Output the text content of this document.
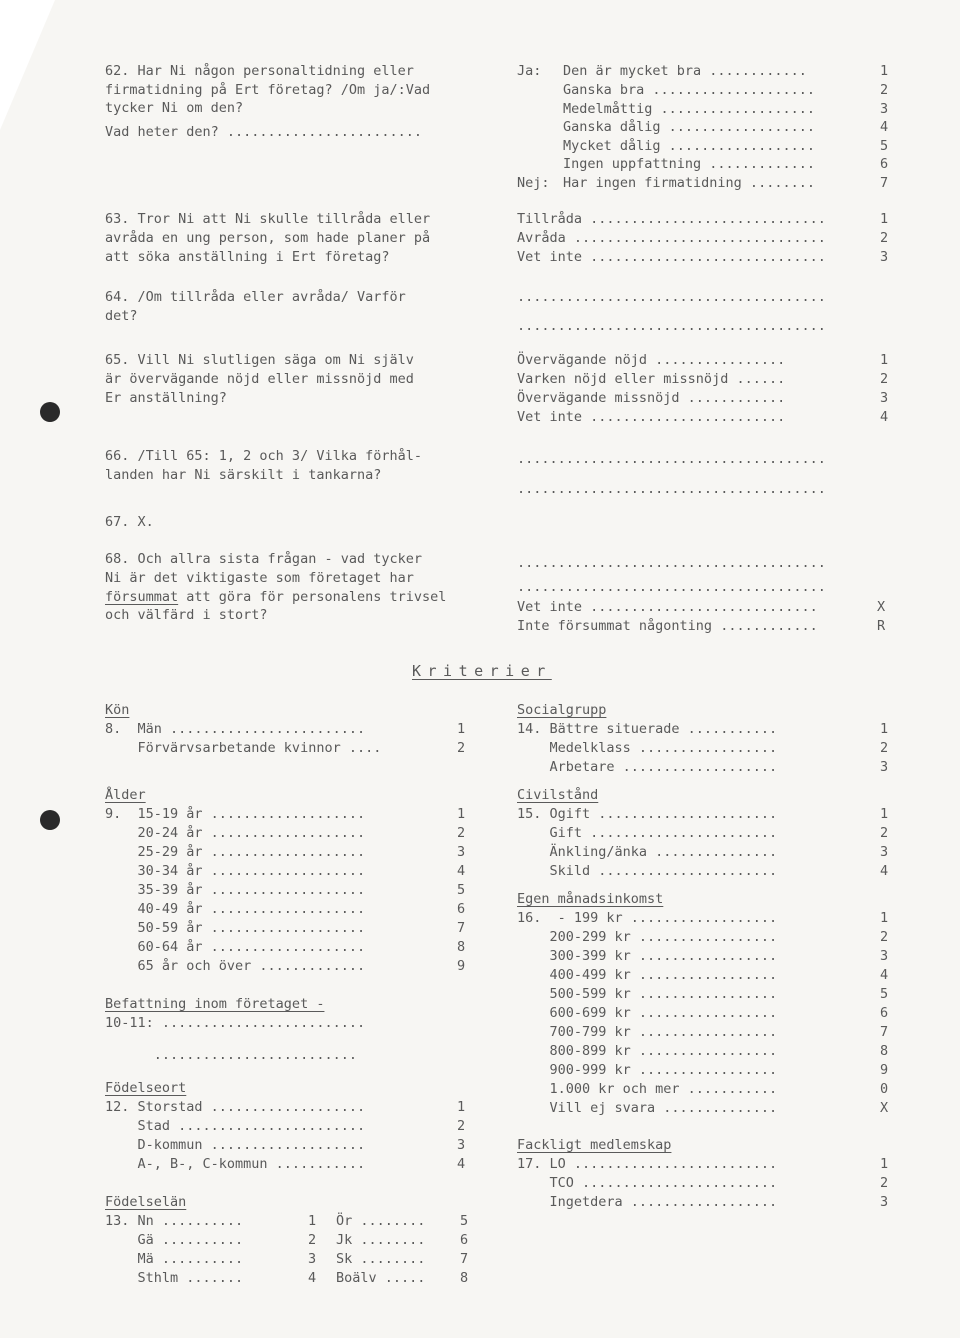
62. Har Ni någon personaltidning eller
firmatidning på Ert företag? /Om ja/:Vad
tycker Ni om den?
Vad heter den? ........................
Ja: Den är mycket bra ............	1
Ganska bra ....................	2
Medelmåttig ...................	3
Ganska dålig ..................	4
Mycket dålig ..................	5
Ingen uppfattning .............	6
Nej: Har ingen firmatidning ........	7
63. Tror Ni att Ni skulle tillråda eller
avråda en ung person, som hade planer på
att söka anställning i Ert företag?
Tillråda .............................	1
Avråda ...............................	2
Vet inte .............................	3
64. /Om tillråda eller avråda/ Varför
det?
......................................
......................................
65. Vill Ni slutligen säga om Ni själv
är övervägande nöjd eller missnöjd med
Er anställning?
Övervägande nöjd ................	1
Varken nöjd eller missnöjd ......	2
Övervägande missnöjd ............	3
Vet inte ........................	4
66. /Till 65: 1, 2 och 3/ Vilka förhål-
landen har Ni särskilt i tankarna?
......................................
......................................
67. X.
68. Och allra sista frågan - vad tycker
Ni är det viktigaste som företaget har
försummat att göra för personalens trivsel
och välfärd i stort?
......................................
......................................
Vet inte ............................	X
Inte försummat någonting ............	R
Kriterier
Kön
8.  Män ........................	1
Förvärvsarbetande kvinnor ....	2
Ålder
9.  15-19 år ...................	1
20-24 år ...................	2
25-29 år ...................	3
30-34 år ...................	4
35-39 år ...................	5
40-49 år ...................	6
50-59 år ...................	7
60-64 år ...................	8
65 år och över .............	9
Befattning inom företaget -
10-11: .........................
.........................
Födelseort
12. Storstad ...................	1
Stad .......................	2
D-kommun ...................	3
A-, B-, C-kommun ...........	4
Födelselän
13. Nn ..........	1 Ör ........	5
Gä ..........	2 Jk ........	6
Mä ..........	3 Sk ........	7
Sthlm .......	4 Boälv .....	8
Socialgrupp
14. Bättre situerade ...........	1
Medelklass .................	2
Arbetare ...................	3
Civilstånd
15. Ogift ......................	1
Gift .......................	2
Änkling/änka ...............	3
Skild ......................	4
Egen månadsinkomst
16.  - 199 kr ..................	1
200-299 kr .................	2
300-399 kr .................	3
400-499 kr .................	4
500-599 kr .................	5
600-699 kr .................	6
700-799 kr .................	7
800-899 kr .................	8
900-999 kr .................	9
1.000 kr och mer ...........	0
Vill ej svara ..............	X
Fackligt medlemskap
17. LO .........................	1
TCO ........................	2
Ingetdera ..................	3
